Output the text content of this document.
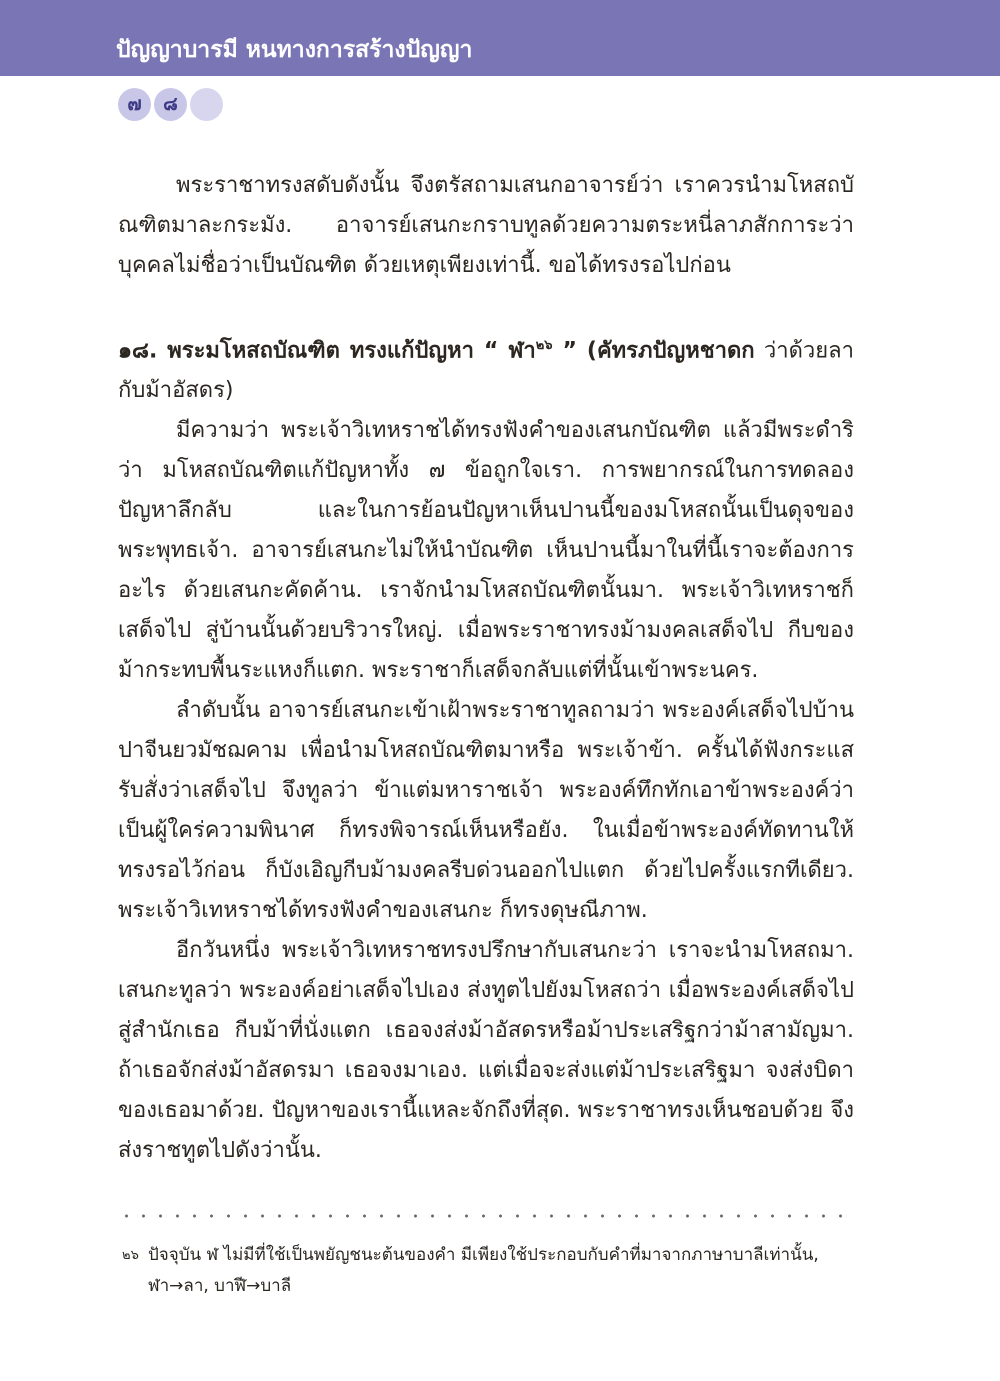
ปัญญาบารมี หนทางการสร้างปัญญา
๗	๘

พระราชาทรงสดับดังนั้น จึงตรัสถามเสนกอาจารย์ว่า เราควรนำมโหสถบัณฑิตมาละกระมัง. อาจารย์เสนกะกราบทูลด้วยความตระหนี่ลาภสักการะว่า บุคคลไม่ชื่อว่าเป็นบัณฑิต ด้วยเหตุเพียงเท่านี้. ขอได้ทรงรอไปก่อน

๑๘. พระมโหสถบัณฑิต ทรงแก้ปัญหา “ ฬา$^{๒๖}$ ” (คัทรภปัญหชาดก ว่าด้วยลากับม้าอัสดร)

มีความว่า พระเจ้าวิเทหราชได้ทรงฟังคำของเสนกบัณฑิต แล้วมีพระดำริว่า มโหสถบัณฑิตแก้ปัญหาทั้ง ๗ ข้อถูกใจเรา. การพยากรณ์ในการทดลองปัญหาลึกลับ และในการย้อนปัญหาเห็นปานนี้ของมโหสถนั้นเป็นดุจของพระพุทธเจ้า. อาจารย์เสนกะไม่ให้นำบัณฑิต เห็นปานนี้มาในที่นี้เราจะต้องการอะไร ด้วยเสนกะคัดค้าน. เราจักนำมโหสถบัณฑิตนั้นมา. พระเจ้าวิเทหราชก็เสด็จไป สู่บ้านนั้นด้วยบริวารใหญ่. เมื่อพระราชาทรงม้ามงคลเสด็จไป กีบของม้ากระทบพื้นระแหงก็แตก. พระราชาก็เสด็จกลับแต่ที่นั้นเข้าพระนคร.

ลำดับนั้น อาจารย์เสนกะเข้าเฝ้าพระราชาทูลถามว่า พระองค์เสด็จไปบ้านปาจีนยวมัชฌคาม เพื่อนำมโหสถบัณฑิตมาหรือ พระเจ้าข้า. ครั้นได้ฟังกระแสรับสั่งว่าเสด็จไป จึงทูลว่า ข้าแต่มหาราชเจ้า พระองค์ทึกทักเอาข้าพระองค์ว่า เป็นผู้ใคร่ความพินาศ ก็ทรงพิจารณ์เห็นหรือยัง. ในเมื่อข้าพระองค์ทัดทานให้ทรงรอไว้ก่อน ก็บังเอิญกีบม้ามงคลรีบด่วนออกไปแตก ด้วยไปครั้งแรกทีเดียว. พระเจ้าวิเทหราชได้ทรงฟังคำของเสนกะ ก็ทรงดุษณีภาพ.

อีกวันหนึ่ง พระเจ้าวิเทหราชทรงปรึกษากับเสนกะว่า เราจะนำมโหสถมา. เสนกะทูลว่า พระองค์อย่าเสด็จไปเอง ส่งทูตไปยังมโหสถว่า เมื่อพระองค์เสด็จไปสู่สำนักเธอ กีบม้าที่นั่งแตก เธอจงส่งม้าอัสดรหรือม้าประเสริฐกว่าม้าสามัญมา. ถ้าเธอจักส่งม้าอัสดรมา เธอจงมาเอง. แต่เมื่อจะส่งแต่ม้าประเสริฐมา จงส่งบิดาของเธอมาด้วย. ปัญหาของเรานี้แหละจักถึงที่สุด. พระราชาทรงเห็นชอบด้วย จึงส่งราชทูตไปดังว่านั้น.

๒๖ ปัจจุบัน ฬ ไม่มีที่ใช้เป็นพยัญชนะต้นของคำ มีเพียงใช้ประกอบกับคำที่มาจากภาษาบาลีเท่านั้น, ฬา→ลา, บาฬี→บาลี
